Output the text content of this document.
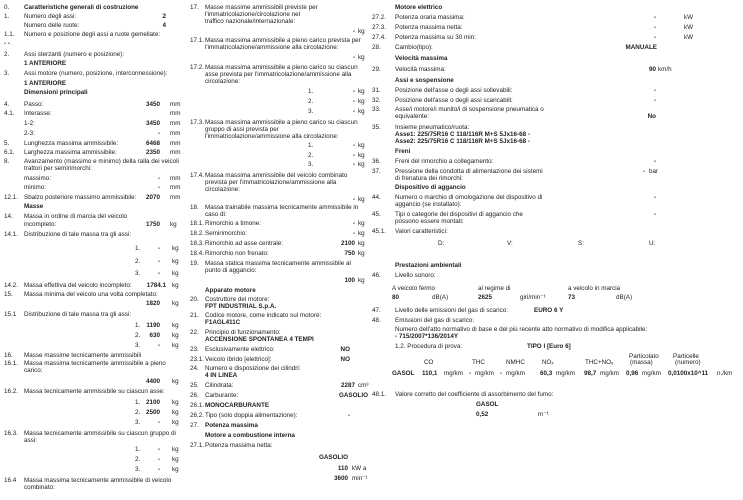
0. Caratteristiche generali di costruzione
1. Numero degli assi:	2
Numero delle ruote:	4
1.1. Numero e posizione degli assi a ruote gemellate:
- -
2. Assi sterzanti (numero e posizione):
1 ANTERIORE
3. Assi motore (numero, posizione, interconnessione):
1 ANTERIORE
Dimensioni principali
4. Passo:	3450 mm
4.1. Interasse:	mm
1-2:	3450 mm
2-3:	- mm
5. Lunghezza massima ammissibile:	6468 mm
6.1. Larghezza massima ammissibile:	2350 mm
8. Avanzamento (massimo e minimo) della ralla dei veicoli
trattori per semirimorchi:
massimo:	- mm
minimo:	- mm
12.1. Sbalzo posteriore massimo ammissibile: 2070 mm
Masse
14. Massa in ordine di marcia del veicolo
incompleto:	1750 kg
14.1. Distribuzione di tale massa tra gli assi:
1.	- kg
2.	- kg
3.	- kg
14.2. Massa effettiva del veicolo incompleto: 1784.1 kg
15. Massa minima del veicolo una volta completato:
1820 kg
15.1 Distribuzione di tale massa tra gli assi:
1. 1190 kg
2. 630 kg
3.	- kg
16. Masse massime tecnicamente ammissibili
16.1. Massa massima tecnicamente ammissibile a pieno
carico:
4400 kg
16.2. Massa tecnicamente ammissibile su ciascun asse:
1. 2100 kg
2. 2500 kg
3.	- kg
16.3. Massa tecnicamente ammissibile su ciascun gruppo di
assi:
1.	- kg
2.	- kg
3.	- kg
16.4 Massa massima tecnicamente ammissibile di veicolo
combinato:
17. Masse massime ammissibili previste per
l'immatricolazione/circolazione nel
traffico nazionale/internazionale:
- kg
17.1. Massa massima ammissibile a pieno carico prevista per
l'immatricolazione/ammissione alla circolazione:
- kg
17.2. Massa massima ammissibile a pieno carico su ciascun
asse prevista per l'immatricolazione/ammissione alla
circolazione:
1.	- kg
2.	- kg
3.	- kg
17.3. Massa massima ammissibile a pieno carico su ciascun
gruppo di assi prevista per
l'immatricolazione/ammissione alla circolazione:
1.	- kg
2.	- kg
3.	- kg
17.4. Massa massima ammissibile del veicolo combinato
prevista per l'immatricolazione/ammissione alla
circolazione:
- kg
18. Massa trainabile massima tecnicamente ammissibile in
caso di:
18.1. Rimorchio a timone:	- kg
18.2. Semirimorchio:	- kg
18.3. Rimorchio ad asse centrale:	2100 kg
18.4. Rimorchio non frenato:	750 kg
19. Massa statica massima tecnicamente ammissibile al
punto di aggancio:
100 kg
Apparato motore
20. Costruttore del motore:
FPT INDUSTRIAL S.p.A.
21. Codice motore, come indicato sul motore:
F1AGL411C
22. Principio di funzionamento:
ACCENSIONE SPONTANEA 4 TEMPI
23. Esclusivamente elettrico:	NO
23.1. Veicolo ibrido [elettrico]:	NO
24. Numero e disposizione dei cilindri:
4 IN LINEA
25. Cilindrata:	2287 cm³
26. Carburante:	GASOLIO
26.1. MONOCARBURANTE
26.2. Tipo (solo doppia alimentazione):	-
27. Potenza massima
Motore a combustione interna
27.1. Potenza massima netta:
GASOLIO
110 kW a
3600 min⁻¹
Motore elettrico
27.2. Potenza oraria massima:	-	kW
27.3. Potenza massima netta:	-	kW
27.4. Potenza massima su 30 min:	-	kW
28. Cambio(tipo):	MANUALE
Velocità massima
29. Velocità massima:	90 km/h
Assi e sospensione
31. Posizione dell'asse o degli assi sollevabili:	-
32. Posizione dell'asse o degli assi scaricabili:	-
33. Asse/i motore/i munito/i di sospensione pneumatica o
equivalente:	No
35. Insieme pneumatico/ruota:
Asse1: 225/75R16 C 118/116R M+S 5Jx16-68 -
Asse2: 225/75R16 C 118/116R M+S 5Jx16-68 -
Freni
36. Freni del rimorchio a collegamento:	-
37. Pressione della condotta di alimentazione dei sistemi	- bar
di frenatura dei rimorchi:
Dispositivo di aggancio
44. Numero o marchio di omologazione del dispositivo di	-
aggancio (se installato):
45. Tipi o categorie dei dispositivi di aggancio che	-
possono essere montati:
45.1. Valori caratteristici:
D:	V:	S:	U:
Prestazioni ambientali
46. Livello sonoro:
A veicolo fermo	al regime di	a veicolo in marcia
80	dB(A)	2625	giri/min⁻¹	73	dB(A)
47. Livello delle emissioni del gas di scarico:	EURO 6 Y
48. Emissioni del gas di scarico:
Numero dell'atto normativo di base e del più recente atto normativo di modifica applicabile:
- 715/2007*136/2014Y
1.2. Procedura di prova:	TIPO I [Euro 6]
Particolato Particelle
CO	THC	NMHC	NOₓ	THC+NOₓ	(massa)	(numero)
GASOL 110,1 mg/km - mg/km - mg/km 60,3 mg/km 98,7 mg/km 0,96 mg/km 0,0100x10^11 n./km
48.1. Valore corretto del coefficiente di assorbimento del fumo:
GASOL
0,52	m⁻¹
